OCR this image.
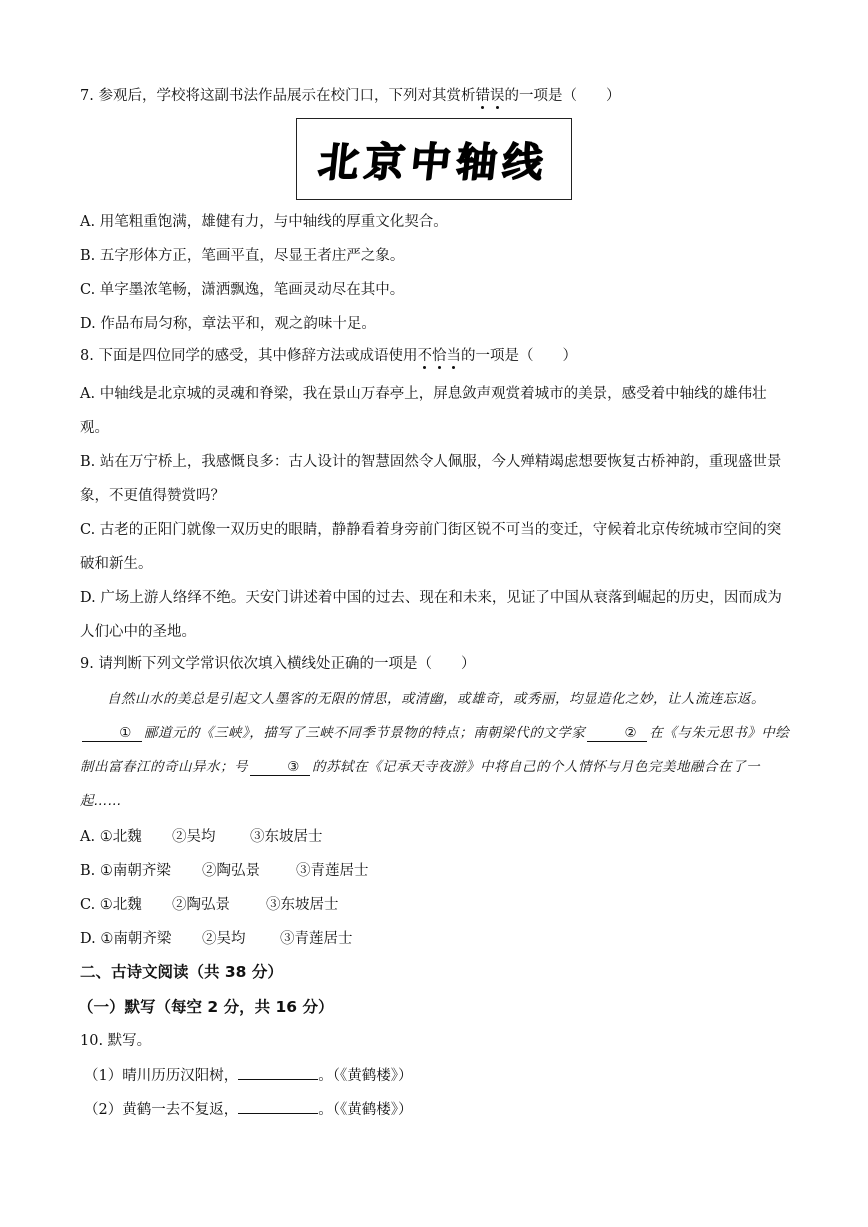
7. 参观后，学校将这副书法作品展示在校门口，下列对其赏析错误的一项是（　　）
北京中轴线
A. 用笔粗重饱满，雄健有力，与中轴线的厚重文化契合。
B. 五字形体方正，笔画平直，尽显王者庄严之象。
C. 单字墨浓笔畅，潇洒飘逸，笔画灵动尽在其中。
D. 作品布局匀称，章法平和，观之韵味十足。
8. 下面是四位同学的感受，其中修辞方法或成语使用不恰当的一项是（　　）
A. 中轴线是北京城的灵魂和脊梁，我在景山万春亭上，屏息敛声观赏着城市的美景，感受着中轴线的雄伟壮观。
B. 站在万宁桥上，我感慨良多：古人设计的智慧固然令人佩服，今人殚精竭虑想要恢复古桥神韵，重现盛世景象，不更值得赞赏吗？
C. 古老的正阳门就像一双历史的眼睛，静静看着身旁前门街区锐不可当的变迁，守候着北京传统城市空间的突破和新生。
D. 广场上游人络绎不绝。天安门讲述着中国的过去、现在和未来，见证了中国从衰落到崛起的历史，因而成为人们心中的圣地。
9. 请判断下列文学常识依次填入横线处正确的一项是（　　）
自然山水的美总是引起文人墨客的无限的情思，或清幽，或雄奇，或秀丽，均显造化之妙，让人流连忘返。① 郦道元的《三峡》，描写了三峡不同季节景物的特点；南朝梁代的文学家	② 在《与朱元思书》中绘制出富春江的奇山异水；号	③ 的苏轼在《记承天寺夜游》中将自己的个人情怀与月色完美地融合在了一起……
A. ①北魏 ②吴均 ③东坡居士
B. ①南朝齐梁 ②陶弘景 ③青莲居士
C. ①北魏 ②陶弘景 ③东坡居士
D. ①南朝齐梁 ②吴均 ③青莲居士
二、古诗文阅读（共 38 分）
（一）默写（每空 2 分，共 16 分）
10. 默写。
（1）晴川历历汉阳树，	。（《黄鹤楼》）
（2）黄鹤一去不复返，	。（《黄鹤楼》）
